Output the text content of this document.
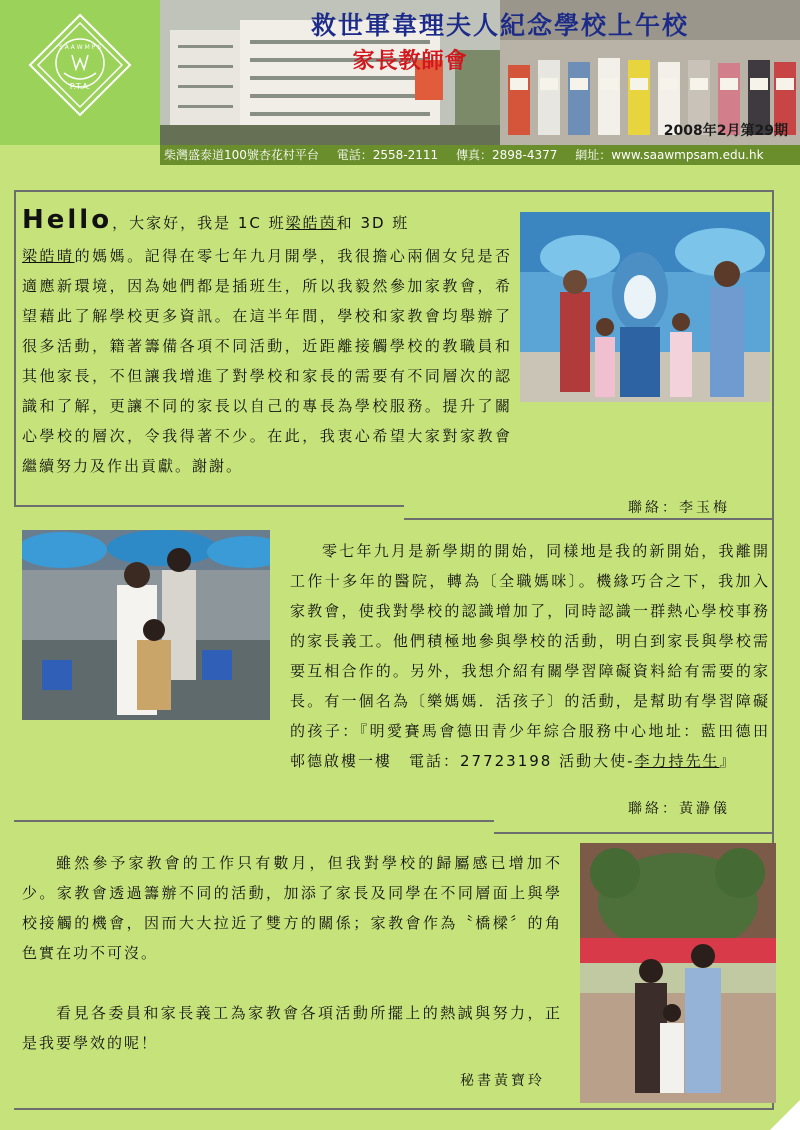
S A A W M P S
P.T.A.
救世軍韋理夫人紀念學校上午校
家長教師會
2008年2月第29期
柴灣盛泰道100號杏花村平台 電話：2558-2111 傳真：2898-4377 網址：www.saawmpsam.edu.hk
Hello，大家好，我是 1C 班梁皓茵和 3D 班
梁皓晴的媽媽。記得在零七年九月開學，我很擔心兩個女兒是否適應新環境，因為她們都是插班生，所以我毅然參加家教會，希望藉此了解學校更多資訊。在這半年間，學校和家教會均舉辦了很多活動，籍著籌備各項不同活動，近距離接觸學校的教職員和其他家長，不但讓我增進了對學校和家長的需要有不同層次的認識和了解，更讓不同的家長以自己的專長為學校服務。提升了關心學校的層次，令我得著不少。在此，我衷心希望大家對家教會繼續努力及作出貢獻。謝謝。
聯絡：李玉梅
零七年九月是新學期的開始，同樣地是我的新開始，我離開工作十多年的醫院，轉為〔全職媽咪〕。機緣巧合之下，我加入家教會，使我對學校的認識增加了，同時認識一群熱心學校事務的家長義工。他們積極地參與學校的活動，明白到家長與學校需要互相合作的。另外，我想介紹有關學習障礙資料給有需要的家長。有一個名為〔樂媽媽．活孩子〕的活動，是幫助有學習障礙的孩子：『明愛賽馬會德田青少年綜合服務中心地址：藍田德田邨德啟樓一樓　電話：27723198 活動大使-李力持先生』
聯絡：黃瀞儀
雖然參予家教會的工作只有數月，但我對學校的歸屬感已增加不少。家教會透過籌辦不同的活動，加添了家長及同學在不同層面上與學校接觸的機會，因而大大拉近了雙方的關係；家教會作為〝橋樑〞的角色實在功不可沒。
看見各委員和家長義工為家教會各項活動所擺上的熱誠與努力，正是我要學效的呢！
秘書黃寶玲
